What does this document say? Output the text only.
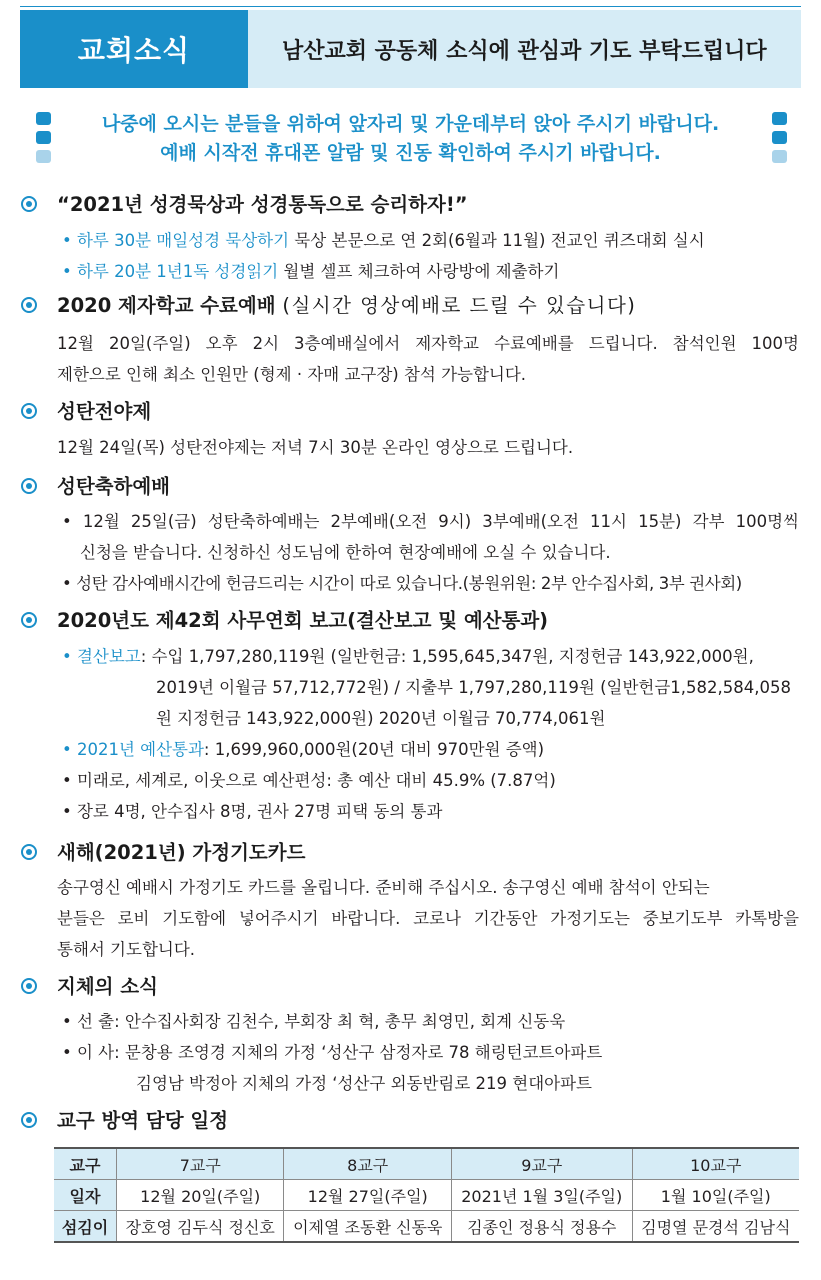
교회소식	남산교회 공동체 소식에 관심과 기도 부탁드립니다
나중에 오시는 분들을 위하여 앞자리 및 가운데부터 앉아 주시기 바랍니다.
예배 시작전 휴대폰 알람 및 진동 확인하여 주시기 바랍니다.
“2021년 성경묵상과 성경통독으로 승리하자!”
• 하루 30분 매일성경 묵상하기 묵상 본문으로 연 2회(6월과 11월) 전교인 퀴즈대회 실시
• 하루 20분 1년1독 성경읽기 월별 셀프 체크하여 사랑방에 제출하기
2020 제자학교 수료예배 (실시간 영상예배로 드릴 수 있습니다)
12월 20일(주일) 오후 2시 3층예배실에서 제자학교 수료예배를 드립니다. 참석인원 100명
제한으로 인해 최소 인원만 (형제 · 자매 교구장) 참석 가능합니다.
성탄전야제
12월 24일(목) 성탄전야제는 저녁 7시 30분 온라인 영상으로 드립니다.
성탄축하예배
• 12월 25일(금) 성탄축하예배는 2부예배(오전 9시) 3부예배(오전 11시 15분) 각부 100명씩
신청을 받습니다. 신청하신 성도님에 한하여 현장예배에 오실 수 있습니다.
• 성탄 감사예배시간에 헌금드리는 시간이 따로 있습니다.(봉원위원: 2부 안수집사회, 3부 권사회)
2020년도 제42회 사무연회 보고(결산보고 및 예산통과)
• 결산보고: 수입 1,797,280,119원 (일반헌금: 1,595,645,347원, 지정헌금 143,922,000원,
2019년 이월금 57,712,772원) / 지출부 1,797,280,119원 (일반헌금1,582,584,058
원 지정헌금 143,922,000원) 2020년 이월금 70,774,061원
• 2021년 예산통과: 1,699,960,000원(20년 대비 970만원 증액)
• 미래로, 세계로, 이웃으로 예산편성: 총 예산 대비 45.9% (7.87억)
• 장로 4명, 안수집사 8명, 권사 27명 피택 동의 통과
새해(2021년) 가정기도카드
송구영신 예배시 가정기도 카드를 올립니다. 준비해 주십시오. 송구영신 예배 참석이 안되는
분들은 로비 기도함에 넣어주시기 바랍니다. 코로나 기간동안 가정기도는 중보기도부 카톡방을
통해서 기도합니다.
지체의 소식
• 선 출: 안수집사회장 김천수, 부회장 최 혁, 총무 최영민, 회계 신동욱
• 이 사: 문창용 조영경 지체의 가정 ‘성산구 삼정자로 78 해링턴코트아파트
김영남 박정아 지체의 가정 ‘성산구 외동반림로 219 현대아파트
교구 방역 담당 일정
교구	7교구	8교구	9교구	10교구
일자	12월 20일(주일)	12월 27일(주일)	2021년 1월 3일(주일)	1월 10일(주일)
섬김이	장호영 김두식 정신호	이제열 조동환 신동욱	김종인 정용식 정용수	김명열 문경석 김남식
